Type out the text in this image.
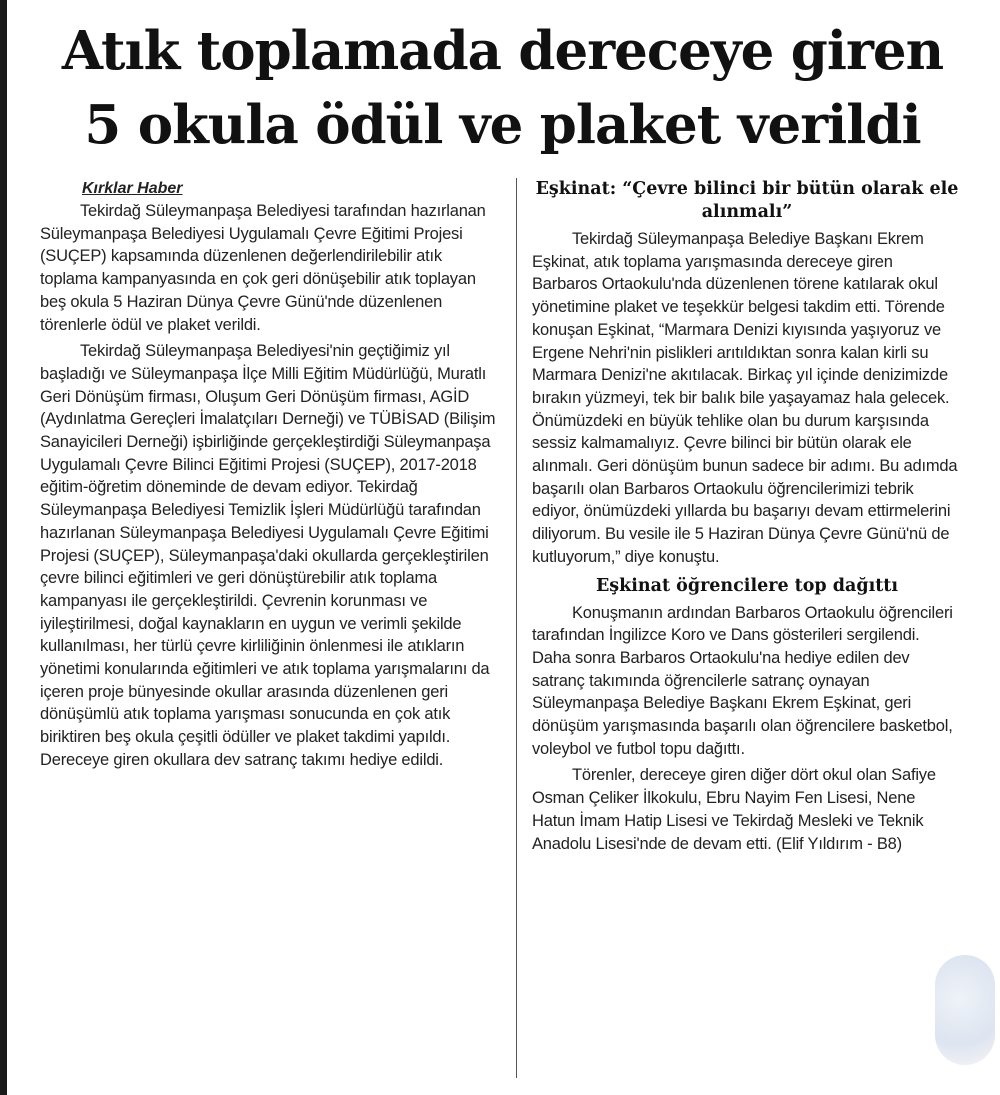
Atık toplamada dereceye giren
5 okula ödül ve plaket verildi
Kırklar Haber

Tekirdağ Süleymanpaşa Belediyesi tarafından hazırlanan Süleymanpaşa Belediyesi Uygulamalı Çevre Eğitimi Projesi (SUÇEP) kapsamında düzenlenen değerlendirilebilir atık toplama kampanyasında en çok geri dönüşebilir atık toplayan beş okula 5 Haziran Dünya Çevre Günü'nde düzenlenen törenlerle ödül ve plaket verildi.

Tekirdağ Süleymanpaşa Belediyesi'nin geçtiğimiz yıl başladığı ve Süleymanpaşa İlçe Milli Eğitim Müdürlüğü, Muratlı Geri Dönüşüm firması, Oluşum Geri Dönüşüm firması, AGİD (Aydınlatma Gereçleri İmalatçıları Derneği) ve TÜBİSAD (Bilişim Sanayicileri Derneği) işbirliğinde gerçekleştirdiği Süleymanpaşa Uygulamalı Çevre Bilinci Eğitimi Projesi (SUÇEP), 2017-2018 eğitim-öğretim döneminde de devam ediyor. Tekirdağ Süleymanpaşa Belediyesi Temizlik İşleri Müdürlüğü tarafından hazırlanan Süleymanpaşa Belediyesi Uygulamalı Çevre Eğitimi Projesi (SUÇEP), Süleymanpaşa'daki okullarda gerçekleştirilen çevre bilinci eğitimleri ve geri dönüştürebilir atık toplama kampanyası ile gerçekleştirildi. Çevrenin korunması ve iyileştirilmesi, doğal kaynakların en uygun ve verimli şekilde kullanılması, her türlü çevre kirliliğinin önlenmesi ile atıkların yönetimi konularında eğitimleri ve atık toplama yarışmalarını da içeren proje bünyesinde okullar arasında düzenlenen geri dönüşümlü atık toplama yarışması sonucunda en çok atık biriktiren beş okula çeşitli ödüller ve plaket takdimi yapıldı. Dereceye giren okullara dev satranç takımı hediye edildi.

Eşkinat: “Çevre bilinci bir bütün olarak ele alınmalı”

Tekirdağ Süleymanpaşa Belediye Başkanı Ekrem Eşkinat, atık toplama yarışmasında dereceye giren Barbaros Ortaokulu'nda düzenlenen törene katılarak okul yönetimine plaket ve teşekkür belgesi takdim etti. Törende konuşan Eşkinat, “Marmara Denizi kıyısında yaşıyoruz ve Ergene Nehri'nin pislikleri arıtıldıktan sonra kalan kirli su Marmara Denizi'ne akıtılacak. Birkaç yıl içinde denizimizde bırakın yüzmeyi, tek bir balık bile yaşayamaz hala gelecek. Önümüzdeki en büyük tehlike olan bu durum karşısında sessiz kalmamalıyız. Çevre bilinci bir bütün olarak ele alınmalı. Geri dönüşüm bunun sadece bir adımı. Bu adımda başarılı olan Barbaros Ortaokulu öğrencilerimizi tebrik ediyor, önümüzdeki yıllarda bu başarıyı devam ettirmelerini diliyorum. Bu vesile ile 5 Haziran Dünya Çevre Günü'nü de kutluyorum,” diye konuştu.

Eşkinat öğrencilere top dağıttı

Konuşmanın ardından Barbaros Ortaokulu öğrencileri tarafından İngilizce Koro ve Dans gösterileri sergilendi. Daha sonra Barbaros Ortaokulu'na hediye edilen dev satranç takımında öğrencilerle satranç oynayan Süleymanpaşa Belediye Başkanı Ekrem Eşkinat, geri dönüşüm yarışmasında başarılı olan öğrencilere basketbol, voleybol ve futbol topu dağıttı.

Törenler, dereceye giren diğer dört okul olan Safiye Osman Çeliker İlkokulu, Ebru Nayim Fen Lisesi, Nene Hatun İmam Hatip Lisesi ve Tekirdağ Mesleki ve Teknik Anadolu Lisesi'nde de devam etti. (Elif Yıldırım - B8)
